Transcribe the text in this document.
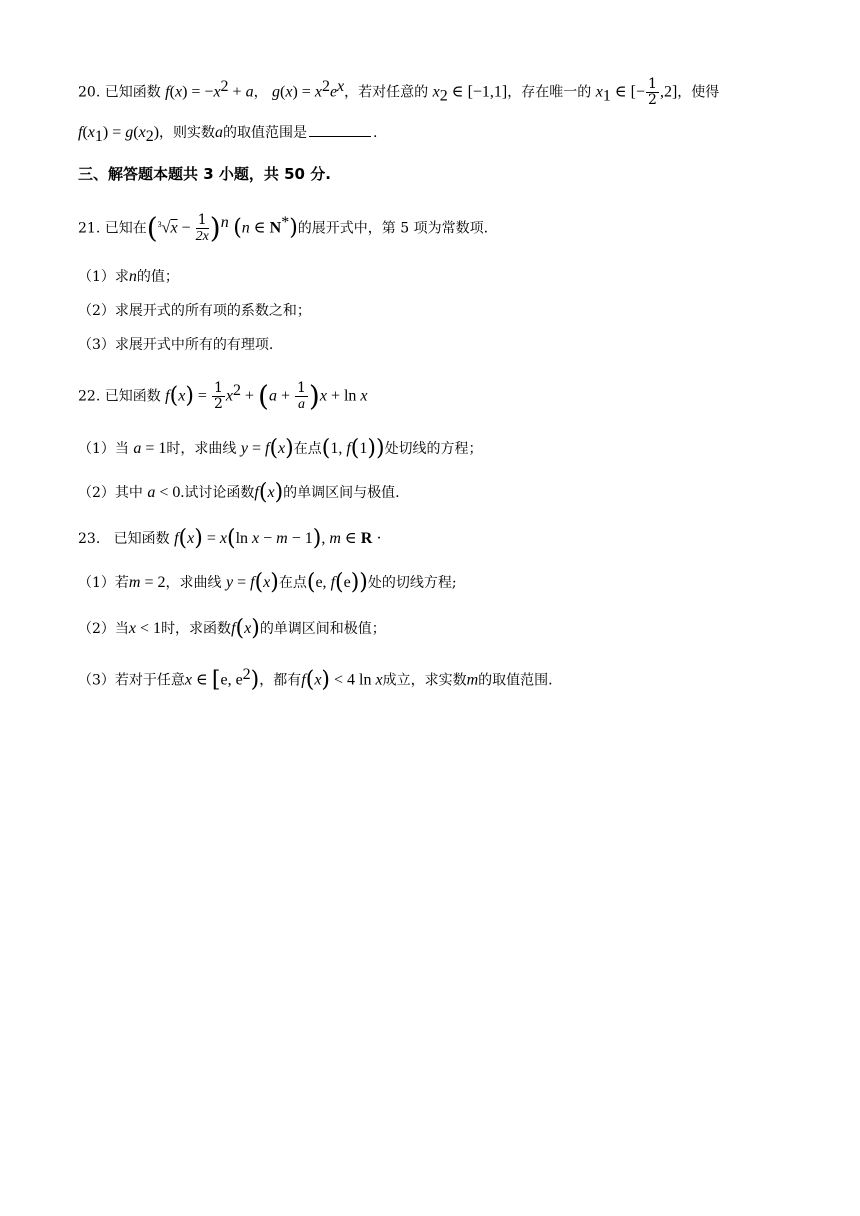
20. 已知函数 $f(x) = -x^2 + a$， $g(x) = x^2e^x$，若对任意的 $x_2$ ∈ [−1,1]，存在唯一的 $x_1$ ∈ [− $\frac{1}{2} ,2$]，使得
$f(x_1) = g(x_2)$，则实数a的取值范围是	.
三、解答题本题共 3 小题，共 50 分.
21. 已知在$(^3√x - \frac{1}{2x} )^n$ (n ∈ N*)的展开式中，第 5 项为常数项.
（1）求n的值；
（2）求展开式的所有项的系数之和；
（3）求展开式中所有的有理项.
22. 已知函数 $f(x) = \frac{1}{2} x^2 + (a + \frac{1}{a} )x + \ln x$
（1）当 a = 1时，求曲线 y = f(x)在点(1, f(1))处切线的方程；
（2）其中 a < 0.试讨论函数f(x)的单调区间与极值.
23. 已知函数 f(x) = x(ln x − m − 1), m ∈ R ·
（1）若m = 2，求曲线 y = f(x)在点(e, f(e))处的切线方程;
（2）当x < 1时，求函数f(x)的单调区间和极值；
（3）若对于任意x ∈ [e, $e^2$)，都有f(x) < 4 ln x成立，求实数m的取值范围.
